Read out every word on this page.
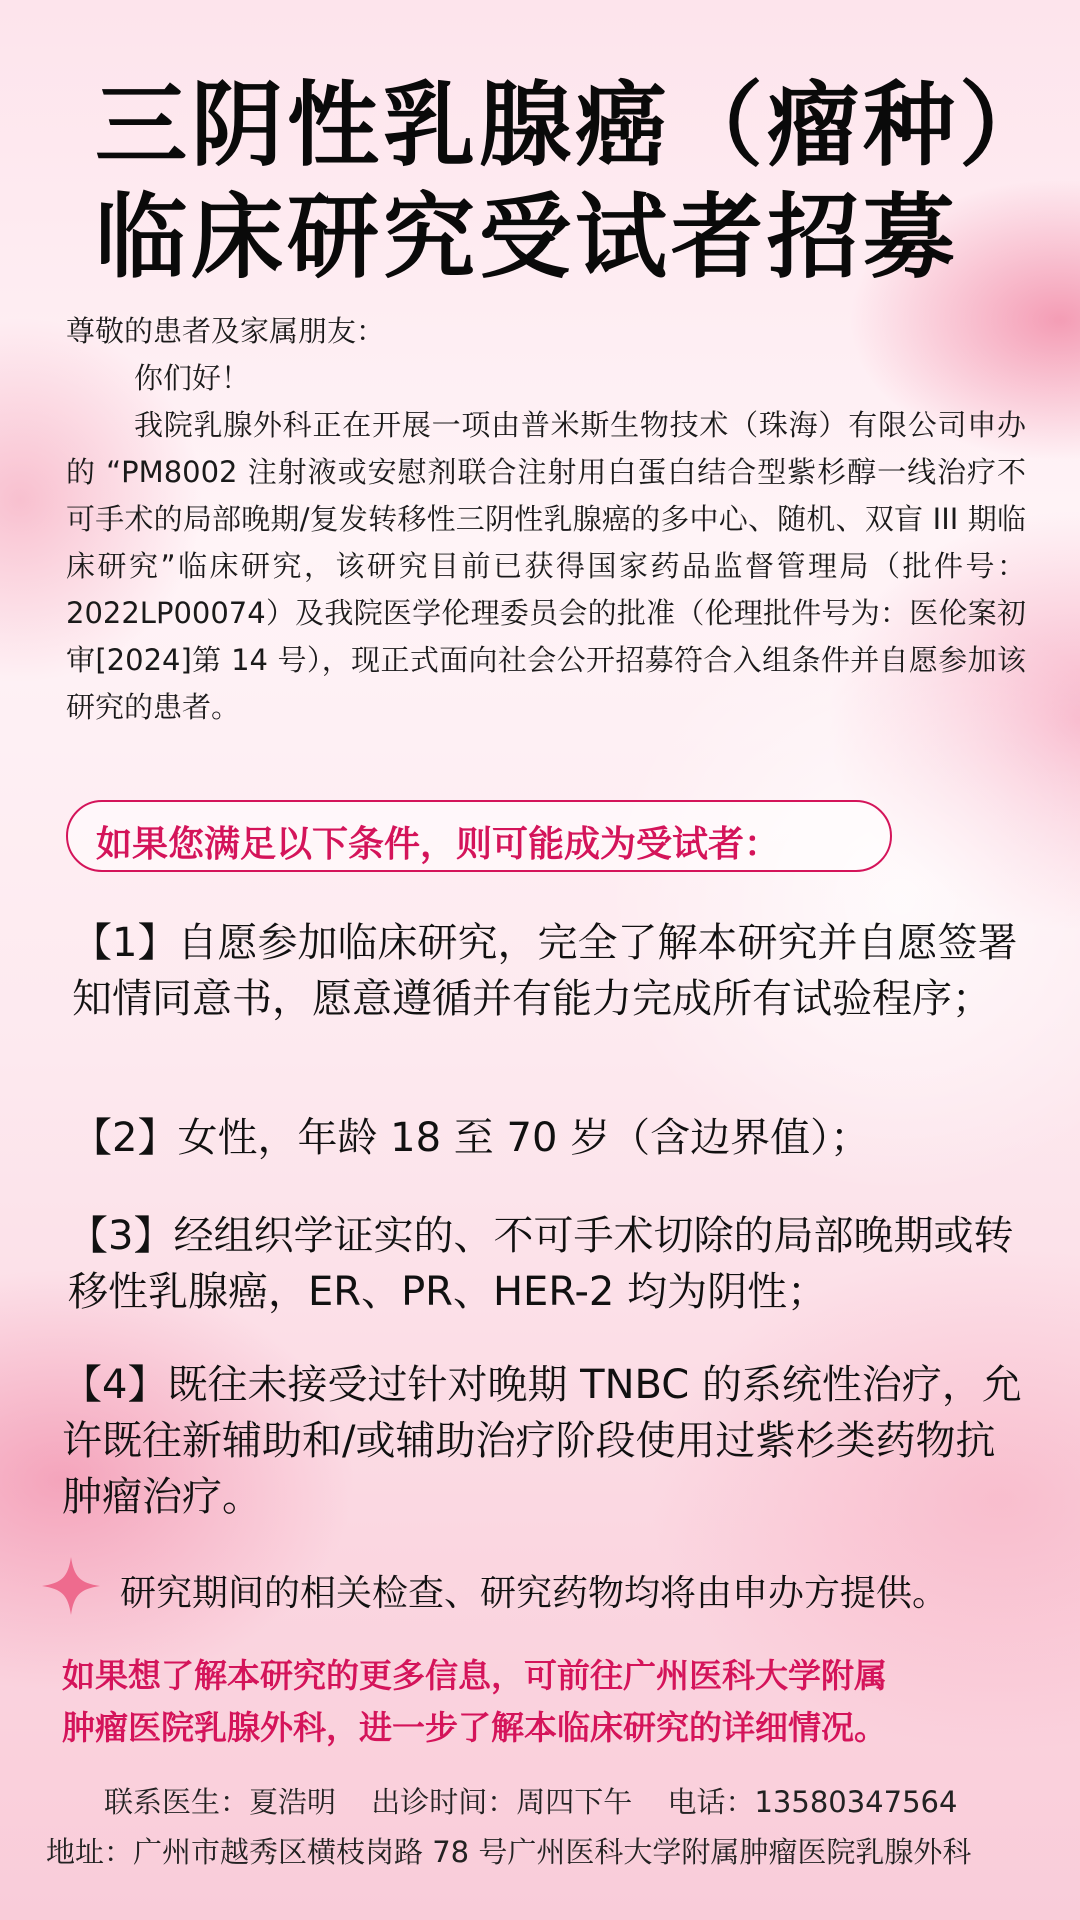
三阴性乳腺癌（瘤种）
临床研究受试者招募

尊敬的患者及家属朋友：

你们好！

我院乳腺外科正在开展一项由普米斯生物技术（珠海）有限公司申办的 “PM8002 注射液或安慰剂联合注射用白蛋白结合型紫杉醇一线治疗不可手术的局部晚期/复发转移性三阴性乳腺癌的多中心、随机、双盲 III 期临床研究”临床研究，该研究目前已获得国家药品监督管理局（批件号：2022LP00074）及我院医学伦理委员会的批准（伦理批件号为：医伦案初审[2024]第 14 号），现正式面向社会公开招募符合入组条件并自愿参加该研究的患者。

如果您满足以下条件，则可能成为受试者：

【1】自愿参加临床研究，完全了解本研究并自愿签署知情同意书，愿意遵循并有能力完成所有试验程序；

【2】女性，年龄 18 至 70 岁（含边界值）；

【3】经组织学证实的、不可手术切除的局部晚期或转移性乳腺癌，ER、PR、HER-2 均为阴性；

【4】既往未接受过针对晚期 TNBC 的系统性治疗，允许既往新辅助和/或辅助治疗阶段使用过紫杉类药物抗肿瘤治疗。

研究期间的相关检查、研究药物均将由申办方提供。

如果想了解本研究的更多信息，可前往广州医科大学附属
肿瘤医院乳腺外科，进一步了解本临床研究的详细情况。

联系医生：夏浩明 出诊时间：周四下午 电话：13580347564
地址：广州市越秀区横枝岗路 78 号广州医科大学附属肿瘤医院乳腺外科
